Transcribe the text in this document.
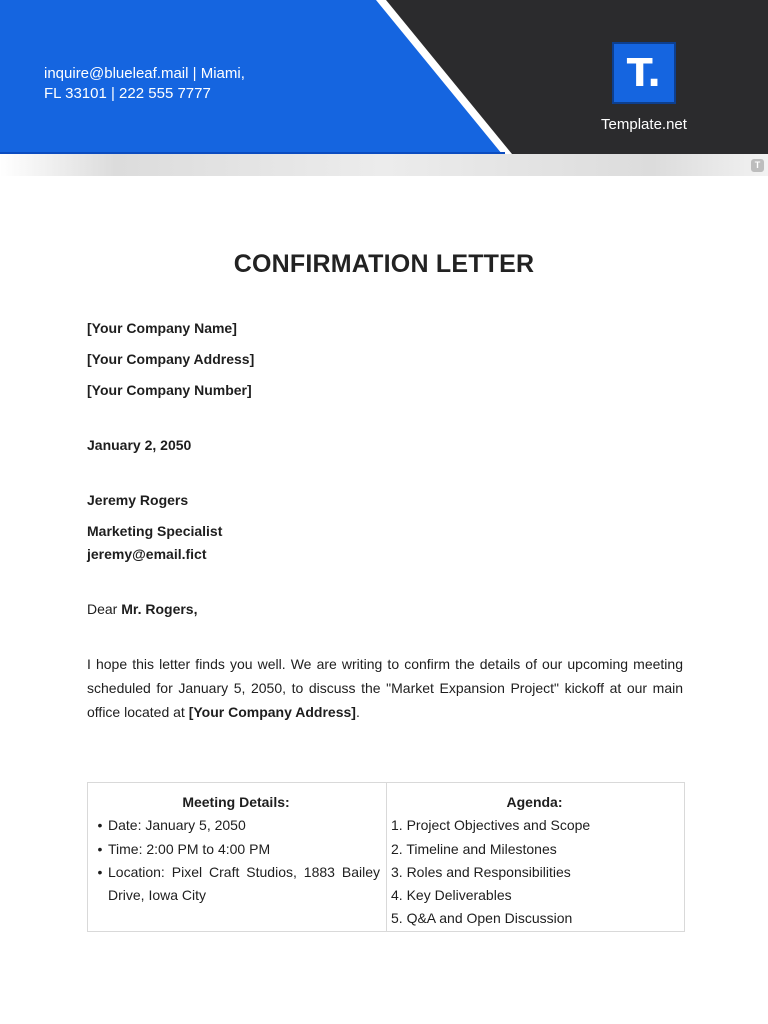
inquire@blueleaf.mail | Miami,
FL 33101 | 222 555 7777	T.
Template.net
T
CONFIRMATION LETTER
[Your Company Name]
[Your Company Address]
[Your Company Number]
January 2, 2050
Jeremy Rogers
Marketing Specialist
jeremy@email.fict
Dear Mr. Rogers,

I hope this letter finds you well. We are writing to confirm the details of our upcoming meeting scheduled for January 5, 2050, to discuss the "Market Expansion Project" kickoff at our main office located at [Your Company Address].

Meeting Details:
• Date: January 5, 2050
• Time: 2:00 PM to 4:00 PM
• Location: Pixel Craft Studios, 1883 Bailey Drive, Iowa City
Agenda:
1. Project Objectives and Scope
2. Timeline and Milestones
3. Roles and Responsibilities
4. Key Deliverables
5. Q&A and Open Discussion
